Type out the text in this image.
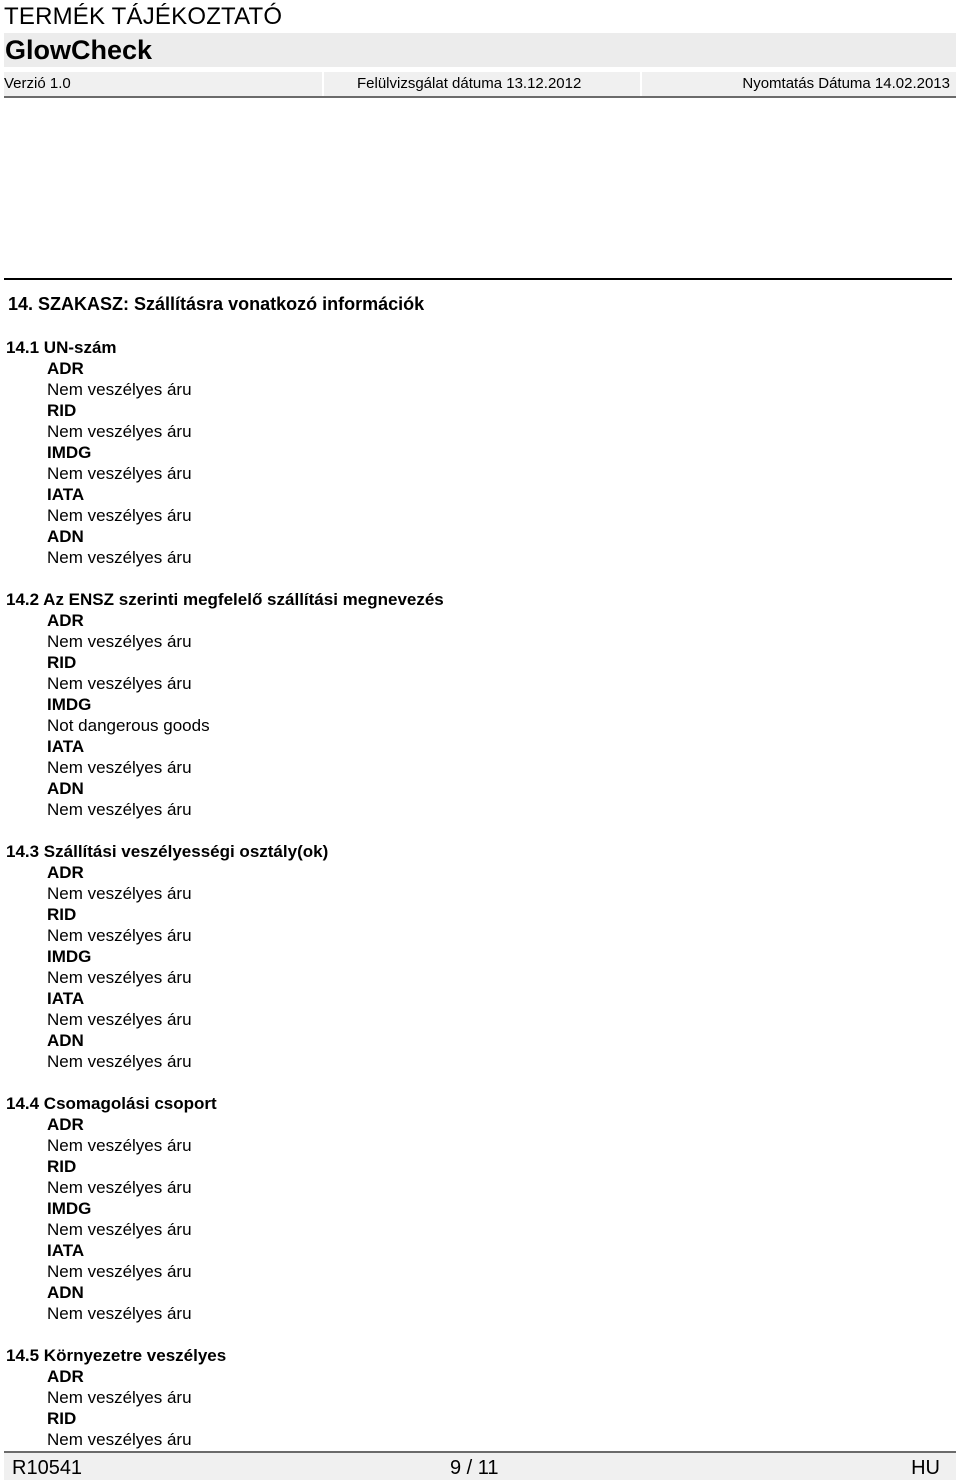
TERMÉK TÁJÉKOZTATÓ
GlowCheck
Verzió 1.0	Felülvizsgálat dátuma 13.12.2012	Nyomtatás Dátuma 14.02.2013
14. SZAKASZ: Szállításra vonatkozó információk
14.1 UN-szám
ADR
Nem veszélyes áru
RID
Nem veszélyes áru
IMDG
Nem veszélyes áru
IATA
Nem veszélyes áru
ADN
Nem veszélyes áru
14.2 Az ENSZ szerinti megfelelő szállítási megnevezés
ADR
Nem veszélyes áru
RID
Nem veszélyes áru
IMDG
Not dangerous goods
IATA
Nem veszélyes áru
ADN
Nem veszélyes áru
14.3 Szállítási veszélyességi osztály(ok)
ADR
Nem veszélyes áru
RID
Nem veszélyes áru
IMDG
Nem veszélyes áru
IATA
Nem veszélyes áru
ADN
Nem veszélyes áru
14.4 Csomagolási csoport
ADR
Nem veszélyes áru
RID
Nem veszélyes áru
IMDG
Nem veszélyes áru
IATA
Nem veszélyes áru
ADN
Nem veszélyes áru
14.5 Környezetre veszélyes
ADR
Nem veszélyes áru
RID
Nem veszélyes áru
R10541	9 / 11	HU
